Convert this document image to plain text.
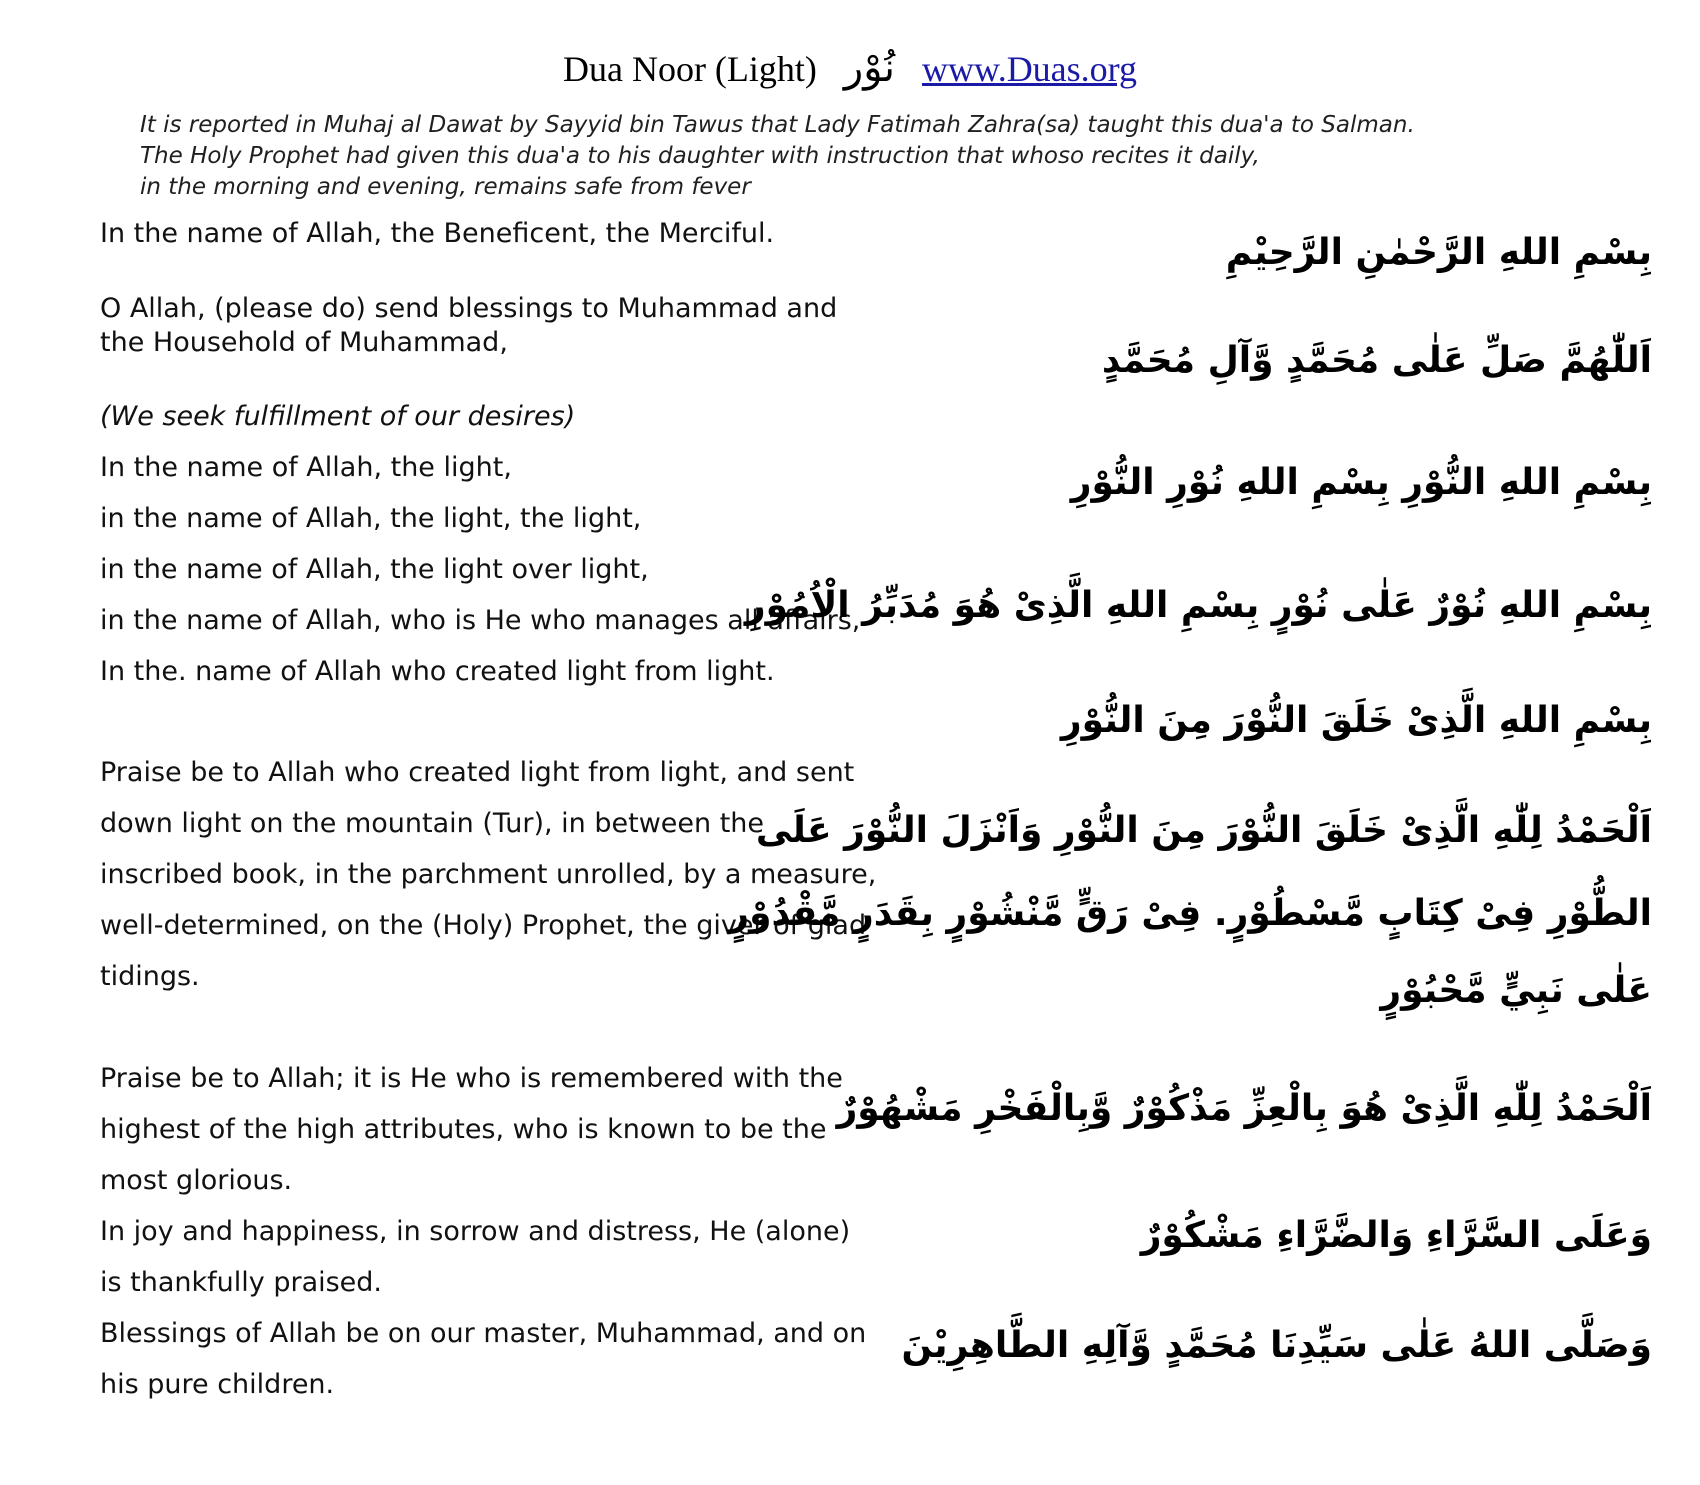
Dua Noor (Light) نُوْر www.Duas.org
It is reported in Muhaj al Dawat by Sayyid bin Tawus that Lady Fatimah Zahra(sa) taught this dua'a to Salman.
The Holy Prophet had given this dua'a to his daughter with instruction that whoso recites it daily,
in the morning and evening, remains safe from fever
In the name of Allah, the Beneficent, the Merciful.
O Allah, (please do) send blessings to Muhammad and
the Household of Muhammad,
(We seek fulfillment of our desires)
In the name of Allah, the light,
in the name of Allah, the light, the light,
in the name of Allah, the light over light,
in the name of Allah, who is He who manages all affairs,
In the. name of Allah who created light from light.
Praise be to Allah who created light from light, and sent
down light on the mountain (Tur), in between the
inscribed book, in the parchment unrolled, by a measure,
well-determined, on the (Holy) Prophet, the giver of glad
tidings.
Praise be to Allah; it is He who is remembered with the
highest of the high attributes, who is known to be the
most glorious.
In joy and happiness, in sorrow and distress, He (alone)
is thankfully praised.
Blessings of Allah be on our master, Muhammad, and on
his pure children.
بِسْمِ اللهِ الرَّحْمٰنِ الرَّحِيْمِ
اَللّٰهُمَّ صَلِّ عَلٰى مُحَمَّدٍ وَّآلِ مُحَمَّدٍ
بِسْمِ اللهِ النُّوْرِ بِسْمِ اللهِ نُوْرِ النُّوْرِ
بِسْمِ اللهِ نُوْرٌ عَلٰى نُوْرٍ بِسْمِ اللهِ الَّذِىْ هُوَ مُدَبِّرُ الْاُمُوْرِ
بِسْمِ اللهِ الَّذِىْ خَلَقَ النُّوْرَ مِنَ النُّوْرِ
اَلْحَمْدُ لِلّٰهِ الَّذِىْ خَلَقَ النُّوْرَ مِنَ النُّوْرِ وَاَنْزَلَ النُّوْرَ عَلَى
الطُّوْرِ فِىْ كِتَابٍ مَّسْطُوْرٍ. فِىْ رَقٍّ مَّنْشُوْرٍ بِقَدَرٍ مَّقْدُوْرٍ
عَلٰى نَبِيٍّ مَّحْبُوْرٍ
اَلْحَمْدُ لِلّٰهِ الَّذِىْ هُوَ بِالْعِزِّ مَذْكُوْرٌ وَّبِالْفَخْرِ مَشْهُوْرٌ
وَعَلَى السَّرَّاءِ وَالضَّرَّاءِ مَشْكُوْرٌ
وَصَلَّى اللهُ عَلٰى سَيِّدِنَا مُحَمَّدٍ وَّآلِهِ الطَّاهِرِيْنَ
